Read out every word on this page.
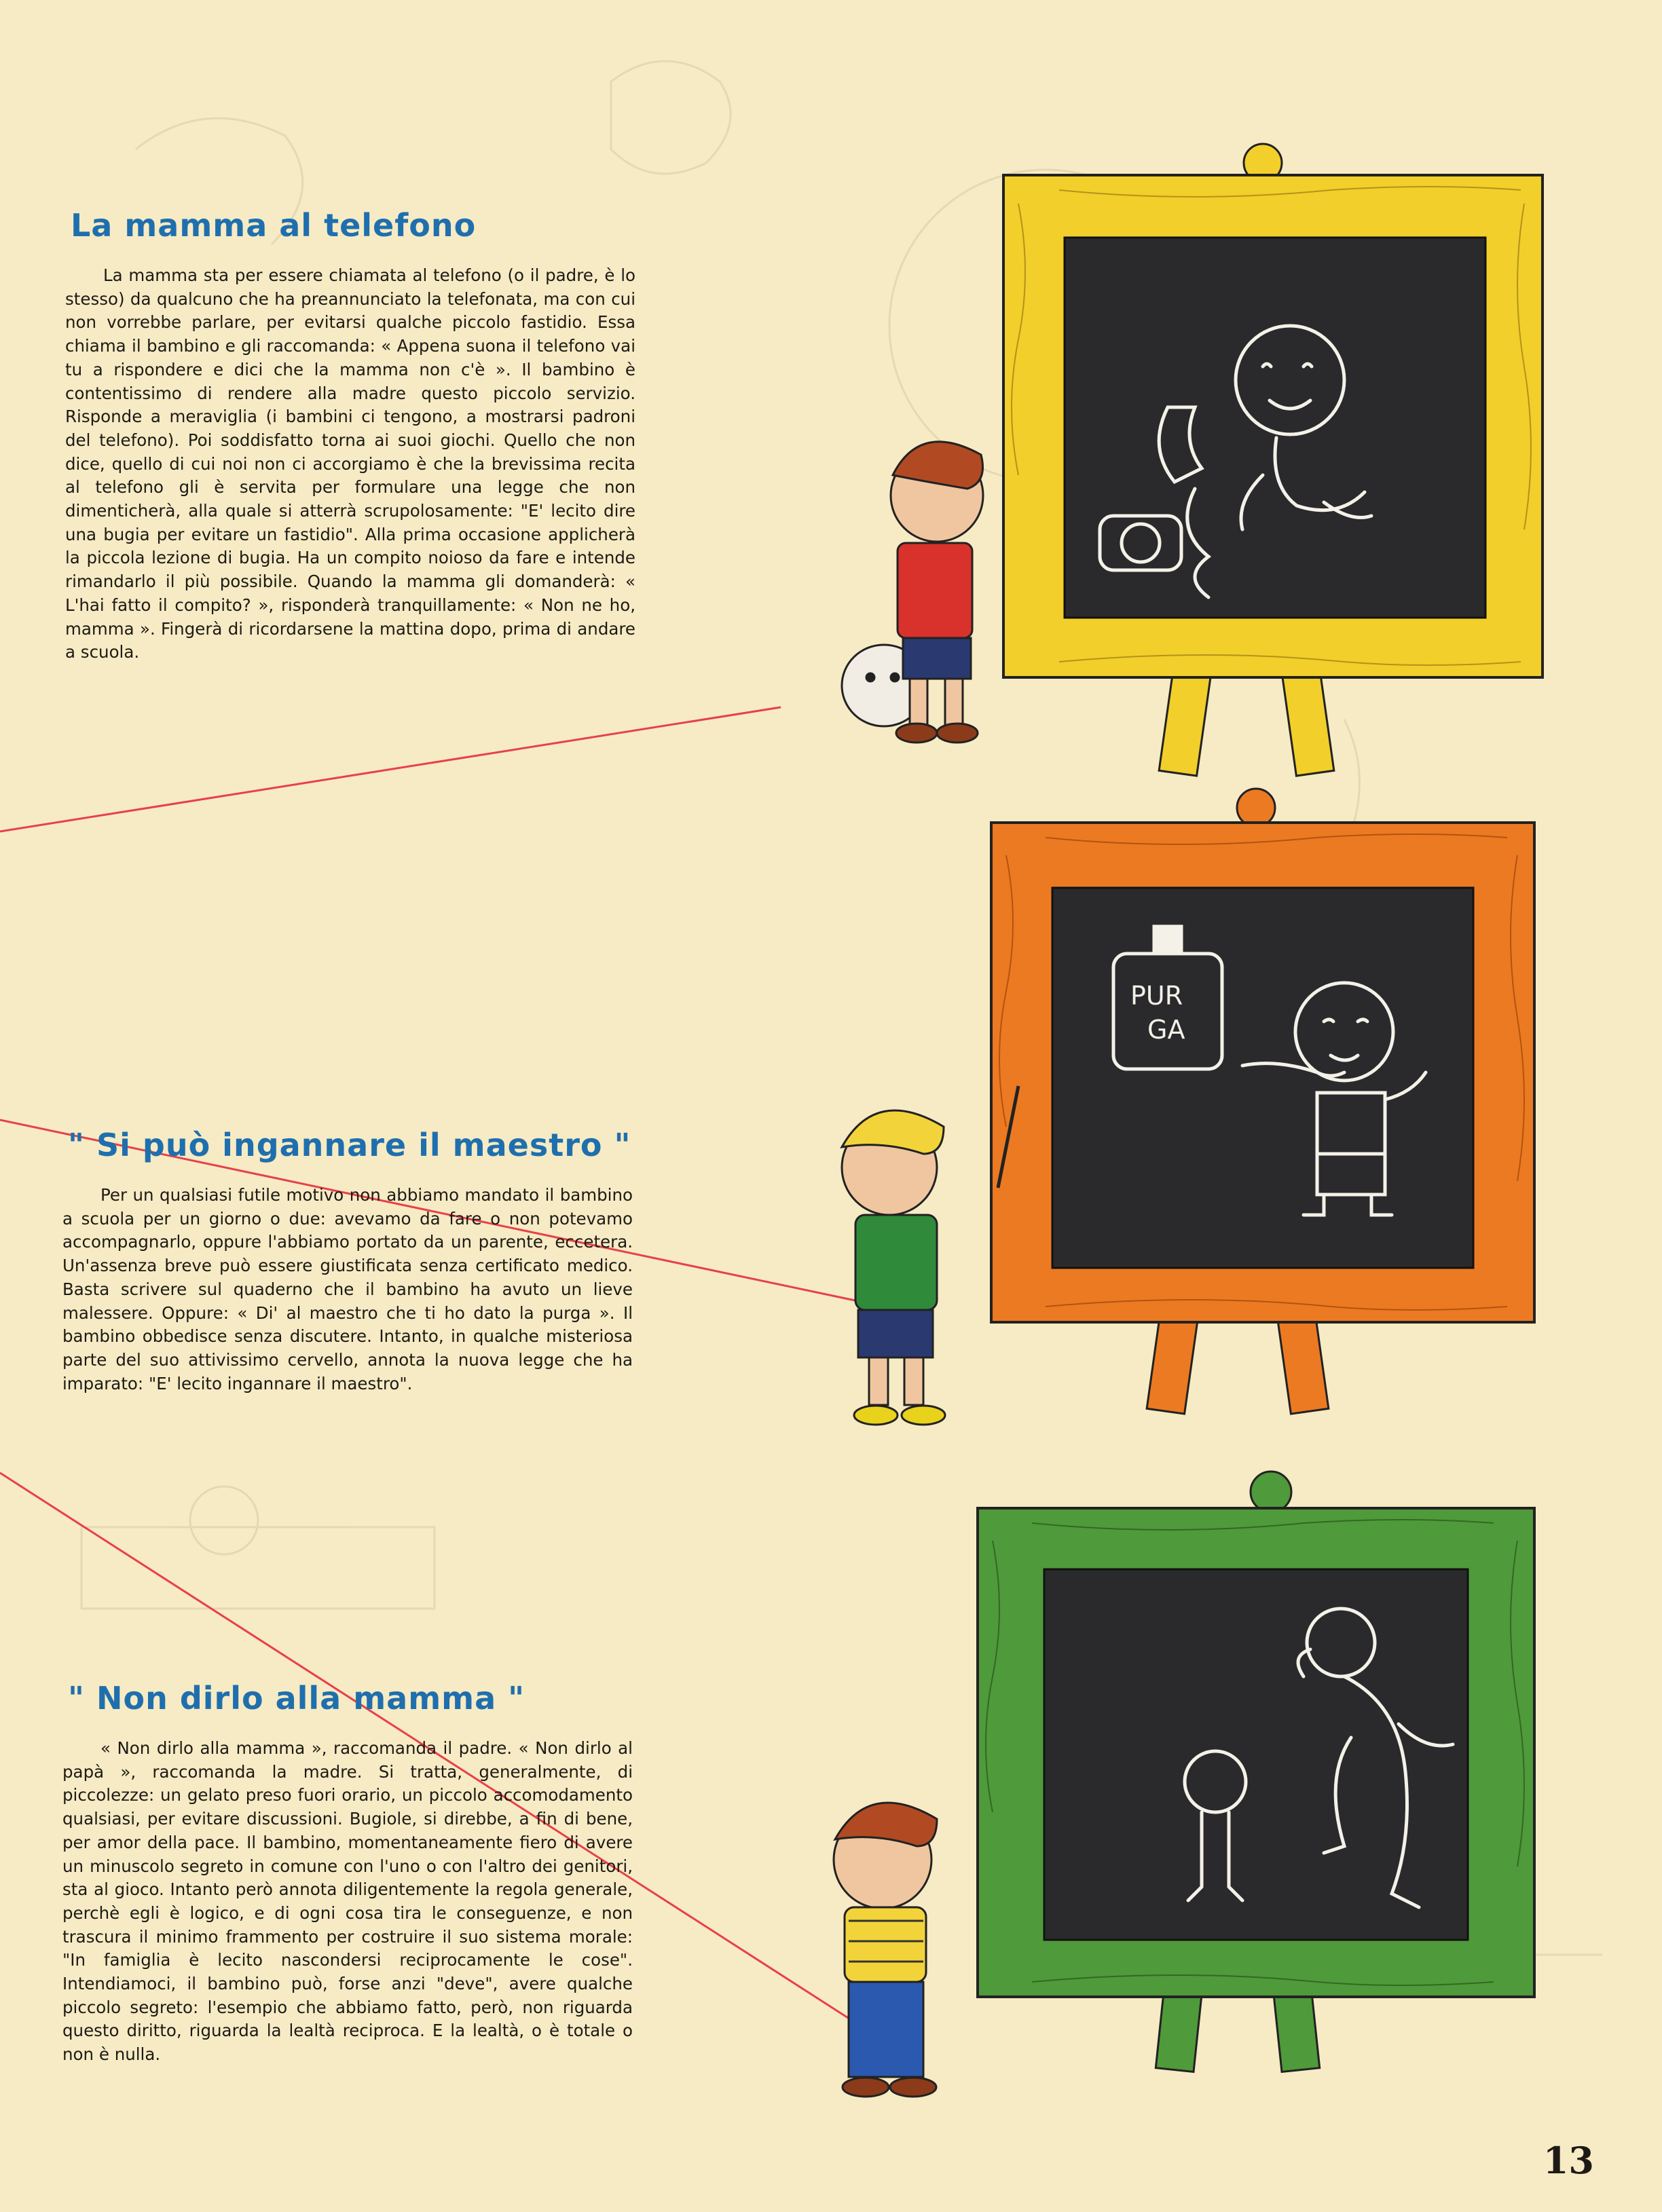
PUR
GA
La mamma al telefono

La mamma sta per essere chiamata al telefono (o il padre, è lo stesso) da qualcuno che ha preannunciato la telefonata, ma con cui non vorrebbe parlare, per evitarsi qualche piccolo fastidio. Essa chiama il bambino e gli raccomanda: « Appena suona il telefono vai tu a rispondere e dici che la mamma non c'è ». Il bambino è contentissimo di rendere alla madre questo piccolo servizio. Risponde a meraviglia (i bambini ci tengono, a mostrarsi padroni del telefono). Poi soddisfatto torna ai suoi giochi. Quello che non dice, quello di cui noi non ci accorgiamo è che la brevissima recita al telefono gli è servita per formulare una legge che non dimenticherà, alla quale si atterrà scrupolosamente: "E' lecito dire una bugia per evitare un fastidio". Alla prima occasione applicherà la piccola lezione di bugia. Ha un compito noioso da fare e intende rimandarlo il più possibile. Quando la mamma gli domanderà: « L'hai fatto il compito? », risponderà tranquillamente: « Non ne ho, mamma ». Fingerà di ricordarsene la mattina dopo, prima di andare a scuola.

" Si può ingannare il maestro "

Per un qualsiasi futile motivo non abbiamo mandato il bambino a scuola per un giorno o due: avevamo da fare o non potevamo accompagnarlo, oppure l'abbiamo portato da un parente, eccetera. Un'assenza breve può essere giustificata senza certificato medico. Basta scrivere sul quaderno che il bambino ha avuto un lieve malessere. Oppure: « Di' al maestro che ti ho dato la purga ». Il bambino obbedisce senza discutere. Intanto, in qualche misteriosa parte del suo attivissimo cervello, annota la nuova legge che ha imparato: "E' lecito ingannare il maestro".

" Non dirlo alla mamma "

« Non dirlo alla mamma », raccomanda il padre. « Non dirlo al papà », raccomanda la madre. Si tratta, generalmente, di piccolezze: un gelato preso fuori orario, un piccolo accomodamento qualsiasi, per evitare discussioni. Bugiole, si direbbe, a fin di bene, per amor della pace. Il bambino, momentaneamente fiero di avere un minuscolo segreto in comune con l'uno o con l'altro dei genitori, sta al gioco. Intanto però annota diligentemente la regola generale, perchè egli è logico, e di ogni cosa tira le conseguenze, e non trascura il minimo frammento per costruire il suo sistema morale: "In famiglia è lecito nascondersi reciprocamente le cose". Intendiamoci, il bambino può, forse anzi "deve", avere qualche piccolo segreto: l'esempio che abbiamo fatto, però, non riguarda questo diritto, riguarda la lealtà reciproca. E la lealtà, o è totale o non è nulla.

13
